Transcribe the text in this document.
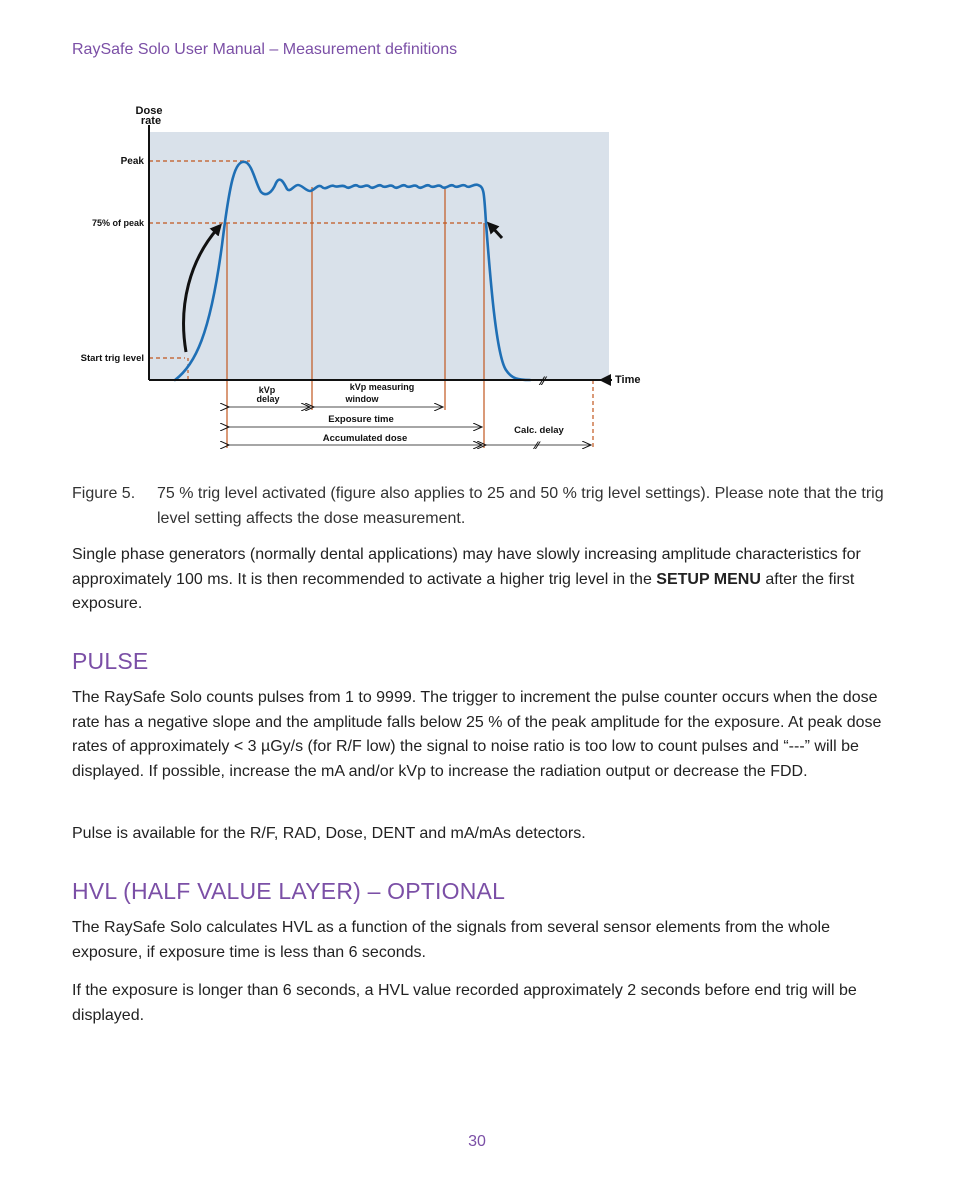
RaySafe Solo User Manual – Measurement definitions
⁄⁄
Dose
rate
Peak
75% of peak
Start trig level
Time
⁄⁄
kVp
delay
kVp measuring
window
Exposure time
Accumulated dose
Calc. delay
Figure 5. 75 % trig level activated (figure also applies to 25 and 50 % trig level settings). Please note that the trig level setting affects the dose measurement.
Single phase generators (normally dental applications) may have slowly increasing amplitude characteristics for approximately 100 ms. It is then recommended to activate a higher trig level in the SETUP MENU after the first exposure.
PULSE
The RaySafe Solo counts pulses from 1 to 9999. The trigger to increment the pulse counter occurs when the dose rate has a negative slope and the amplitude falls below 25 % of the peak amplitude for the exposure. At peak dose rates of approximately < 3 µGy/s (for R/F low) the signal to noise ratio is too low to count pulses and “---” will be displayed. If possible, increase the mA and/or kVp to increase the radiation output or decrease the FDD.
Pulse is available for the R/F, RAD, Dose, DENT and mA/mAs detectors.
HVL (HALF VALUE LAYER) – OPTIONAL
The RaySafe Solo calculates HVL as a function of the signals from several sensor elements from the whole exposure, if exposure time is less than 6 seconds.
If the exposure is longer than 6 seconds, a HVL value recorded approximately 2 seconds before end trig will be displayed.
30
